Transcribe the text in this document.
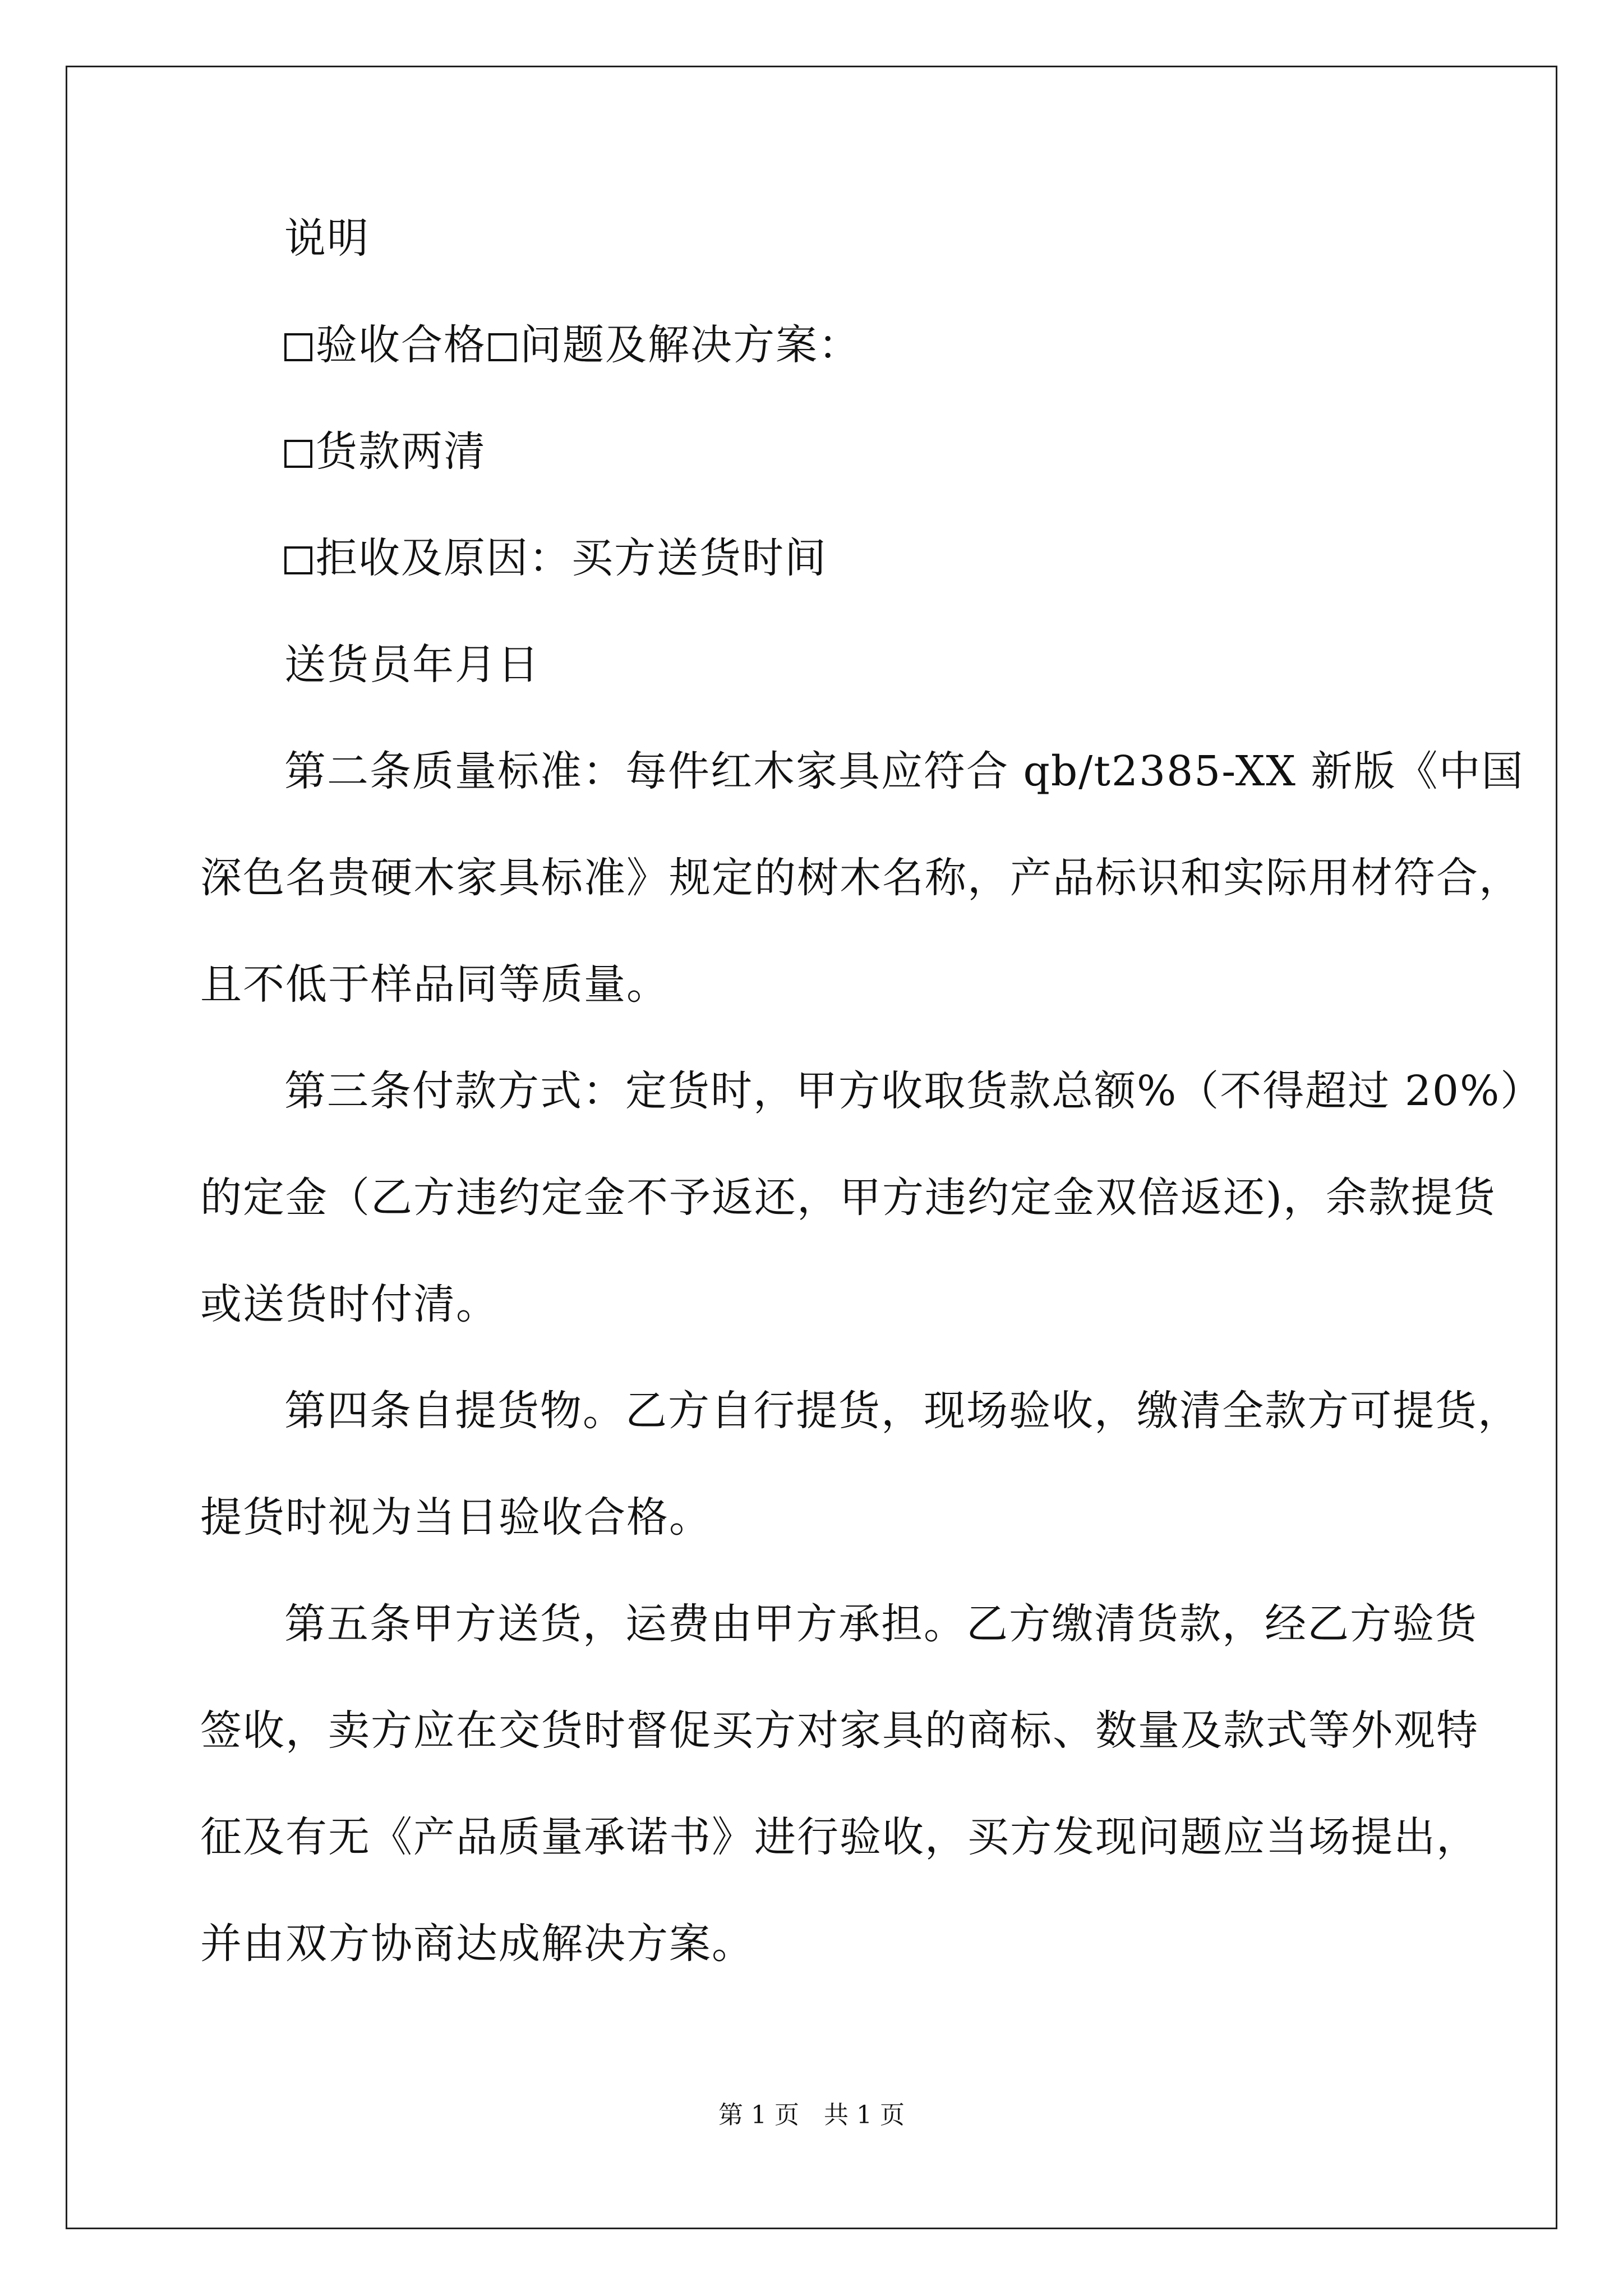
说明
验收合格 问题及解决方案：
货款两清
拒收及原因：买方送货时间
送货员年月日
第二条质量标准：每件红木家具应符合 qb/t2385-XX 新版《中国
深色名贵硬木家具标准》规定的树木名称，产品标识和实际用材符合，
且不低于样品同等质量。
第三条付款方式：定货时，甲方收取货款总额%（不得超过 20%）
的定金（乙方违约定金不予返还，甲方违约定金双倍返还)，余款提货
或送货时付清。
第四条自提货物。乙方自行提货，现场验收，缴清全款方可提货，
提货时视为当日验收合格。
第五条甲方送货，运费由甲方承担。乙方缴清货款，经乙方验货
签收，卖方应在交货时督促买方对家具的商标、数量及款式等外观特
征及有无《产品质量承诺书》进行验收，买方发现问题应当场提出，
并由双方协商达成解决方案。
第 1 页　共 1 页
